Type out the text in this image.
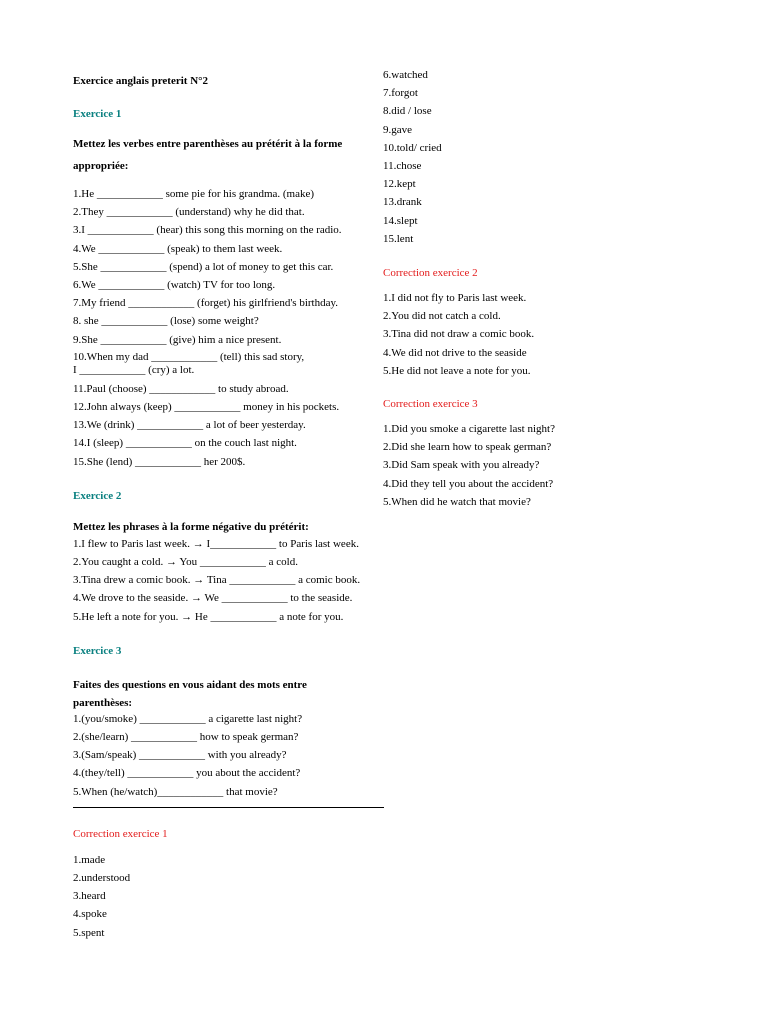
Exercice anglais preterit N°2
Exercice 1
Mettez les verbes entre parenthèses au prétérit à la forme
appropriée:
1.He ____________ some pie for his grandma. (make)
2.They ____________ (understand) why he did that.
3.I ____________ (hear) this song this morning on the radio.
4.We ____________ (speak) to them last week.
5.She ____________ (spend) a lot of money to get this car.
6.We ____________ (watch) TV for too long.
7.My friend ____________ (forget) his girlfriend's birthday.
8. she ____________ (lose) some weight?
9.She ____________ (give) him a nice present.
10.When my dad ____________ (tell) this sad story,
I ____________ (cry) a lot.
11.Paul (choose) ____________ to study abroad.
12.John always (keep) ____________ money in his pockets.
13.We (drink) ____________ a lot of beer yesterday.
14.I (sleep) ____________ on the couch last night.
15.She (lend) ____________ her 200$.
Exercice 2
Mettez les phrases à la forme négative du prétérit:
1.I flew to Paris last week. → I____________ to Paris last week.
2.You caught a cold. → You ____________ a cold.
3.Tina drew a comic book. → Tina ____________ a comic book.
4.We drove to the seaside. → We ____________ to the seaside.
5.He left a note for you. → He ____________ a note for you.
Exercice 3
Faites des questions en vous aidant des mots entre
parenthèses:
1.(you/smoke) ____________ a cigarette last night?
2.(she/learn) ____________ how to speak german?
3.(Sam/speak) ____________ with you already?
4.(they/tell) ____________ you about the accident?
5.When (he/watch)____________ that movie?
Correction exercice 1
1.made
2.understood
3.heard
4.spoke
5.spent
6.watched
7.forgot
8.did / lose
9.gave
10.told/ cried
11.chose
12.kept
13.drank
14.slept
15.lent
Correction exercice 2
1.I did not fly to Paris last week.
2.You did not catch a cold.
3.Tina did not draw a comic book.
4.We did not drive to the seaside
5.He did not leave a note for you.
Correction exercice 3
1.Did you smoke a cigarette last night?
2.Did she learn how to speak german?
3.Did Sam speak with you already?
4.Did they tell you about the accident?
5.When did he watch that movie?
